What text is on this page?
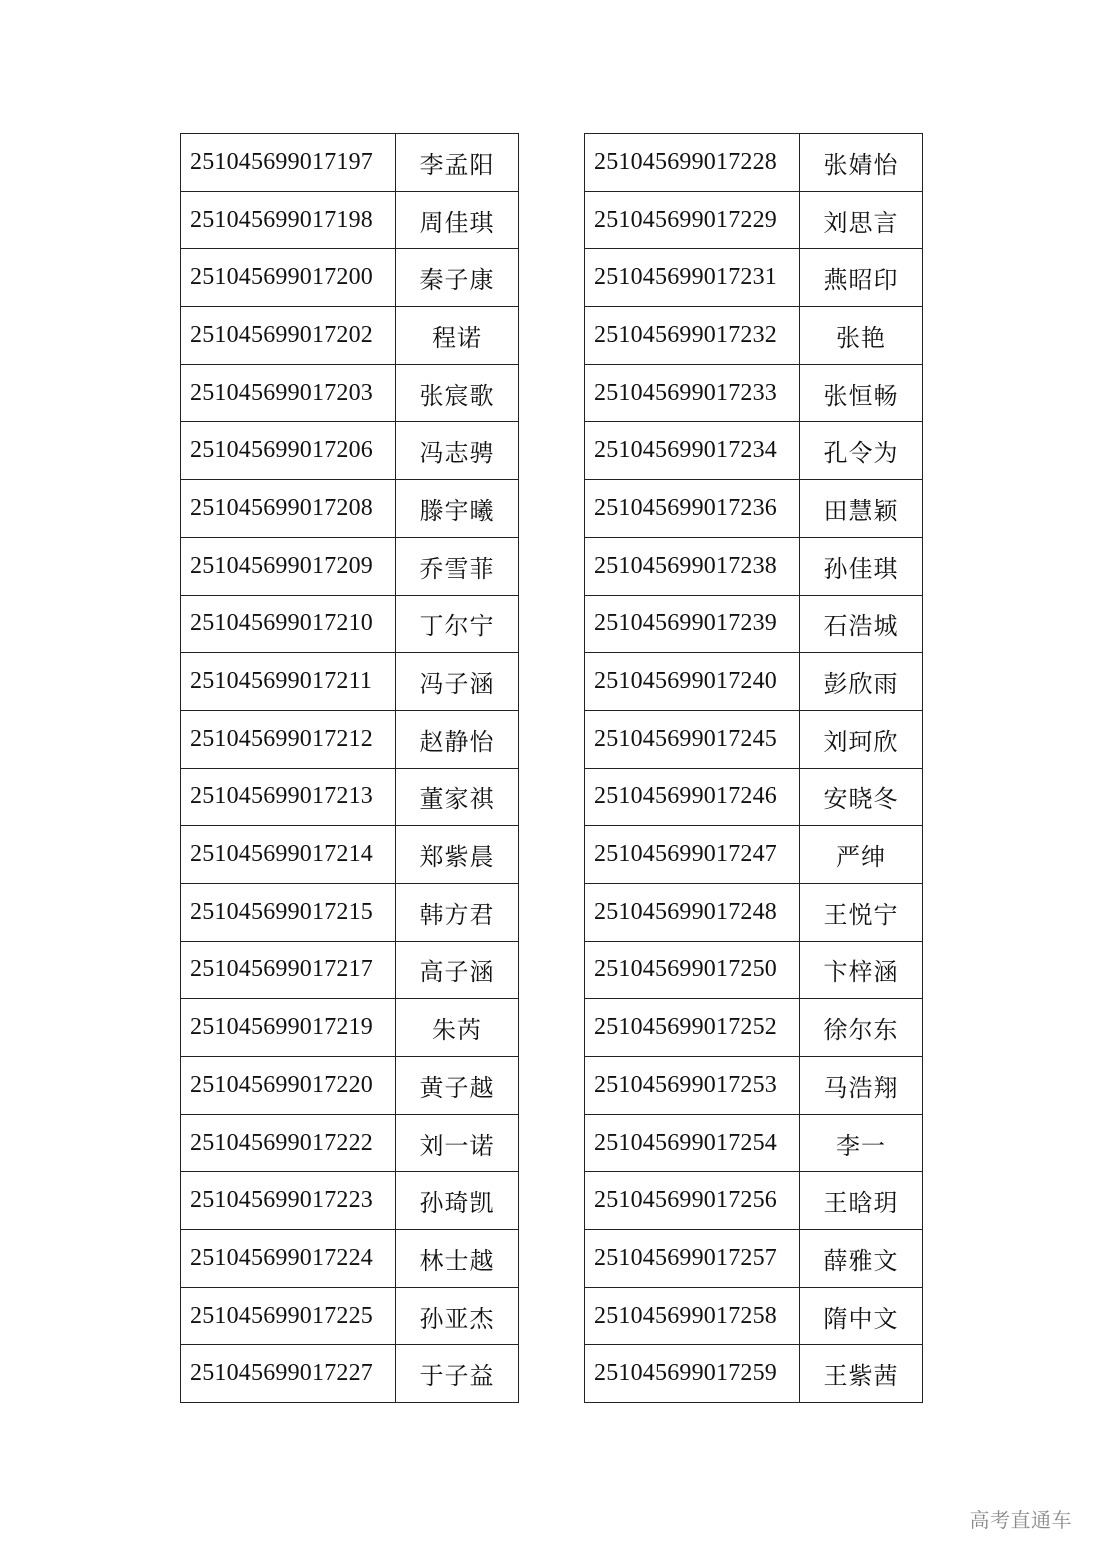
251045699017197	李孟阳
251045699017198	周佳琪
251045699017200	秦子康
251045699017202	程诺
251045699017203	张宸歌
251045699017206	冯志骋
251045699017208	滕宇曦
251045699017209	乔雪菲
251045699017210	丁尔宁
251045699017211	冯子涵
251045699017212	赵静怡
251045699017213	董家祺
251045699017214	郑紫晨
251045699017215	韩方君
251045699017217	高子涵
251045699017219	朱芮
251045699017220	黄子越
251045699017222	刘一诺
251045699017223	孙琦凯
251045699017224	林士越
251045699017225	孙亚杰
251045699017227	于子益
251045699017228	张婧怡
251045699017229	刘思言
251045699017231	燕昭印
251045699017232	张艳
251045699017233	张恒畅
251045699017234	孔令为
251045699017236	田慧颖
251045699017238	孙佳琪
251045699017239	石浩城
251045699017240	彭欣雨
251045699017245	刘珂欣
251045699017246	安晓冬
251045699017247	严绅
251045699017248	王悦宁
251045699017250	卞梓涵
251045699017252	徐尔东
251045699017253	马浩翔
251045699017254	李一
251045699017256	王晗玥
251045699017257	薛雅文
251045699017258	隋中文
251045699017259	王紫茜
高考直通车
